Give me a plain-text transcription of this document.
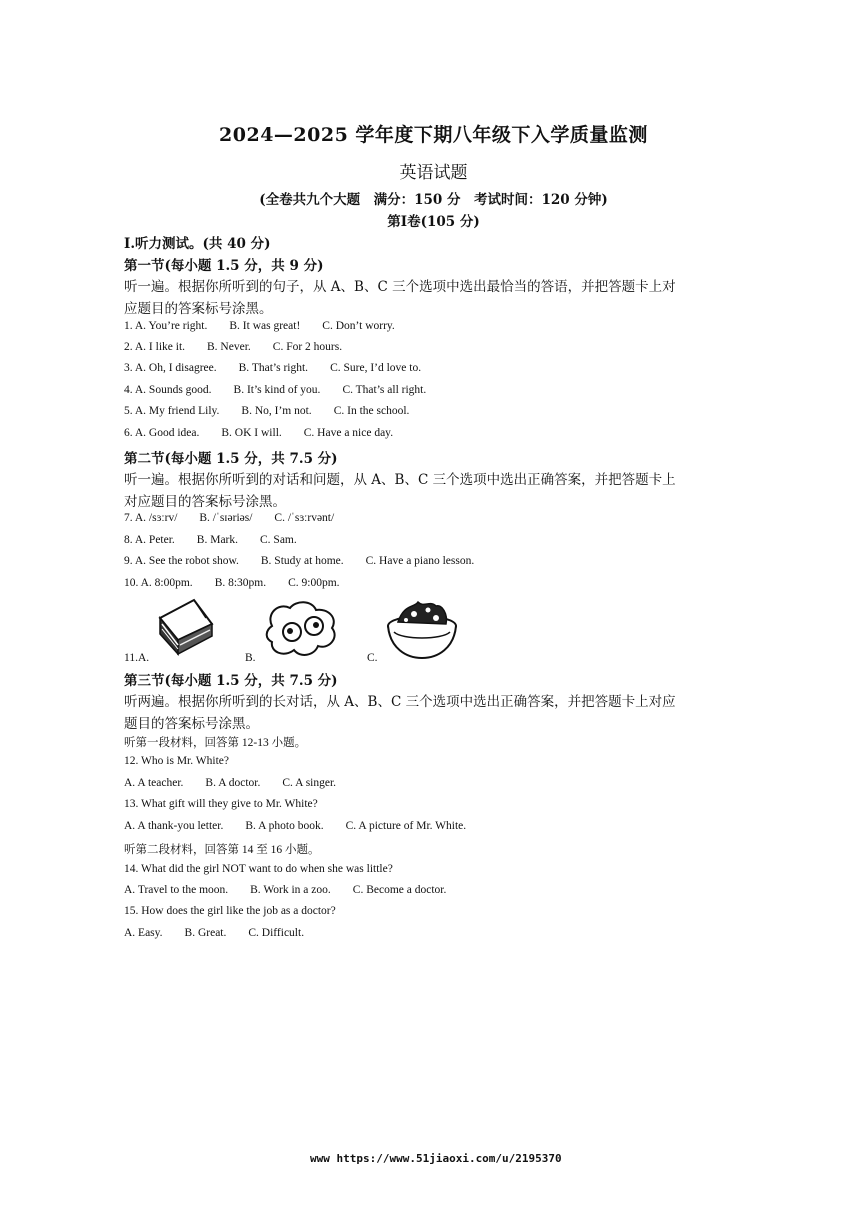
2024—2025 学年度下期八年级下入学质量监测
英语试题
(全卷共九个大题　满分：150 分　考试时间：120 分钟)
第Ⅰ卷(105 分)
Ⅰ.听力测试。(共 40 分)
第一节(每小题 1.5 分，共 9 分)
听一遍。根据你所听到的句子，从 A、B、C 三个选项中选出最恰当的答语，并把答题卡上对
应题目的答案标号涂黑。
1. A. You’re right. B. It was great! C. Don’t worry.
2. A. I like it. B. Never. C. For 2 hours.
3. A. Oh, I disagree. B. That’s right. C. Sure, I’d love to.
4. A. Sounds good. B. It’s kind of you. C. That’s all right.
5. A. My friend Lily. B. No, I’m not. C. In the school.
6. A. Good idea. B. OK I will. C. Have a nice day.
第二节(每小题 1.5 分，共 7.5 分)
听一遍。根据你所听到的对话和问题，从 A、B、C 三个选项中选出正确答案，并把答题卡上
对应题目的答案标号涂黑。
7. A. /sɜːrv/ B. /ˈsɪəriəs/ C. /ˈsɜːrvənt/
8. A. Peter. B. Mark. C. Sam.
9. A. See the robot show. B. Study at home. C. Have a piano lesson.
10. A. 8:00pm. B. 8:30pm. C. 9:00pm.
11.A.	B.	C.
第三节(每小题 1.5 分，共 7.5 分)
听两遍。根据你所听到的长对话，从 A、B、C 三个选项中选出正确答案，并把答题卡上对应
题目的答案标号涂黑。
听第一段材料，回答第 12-13 小题。
12. Who is Mr. White?
A. A teacher. B. A doctor. C. A singer.
13. What gift will they give to Mr. White?
A. A thank-you letter. B. A photo book. C. A picture of Mr. White.
听第二段材料，回答第 14 至 16 小题。
14. What did the girl NOT want to do when she was little?
A. Travel to the moon. B. Work in a zoo. C. Become a doctor.
15. How does the girl like the job as a doctor?
A. Easy. B. Great. C. Difficult.
www https://www.51jiaoxi.com/u/2195370
